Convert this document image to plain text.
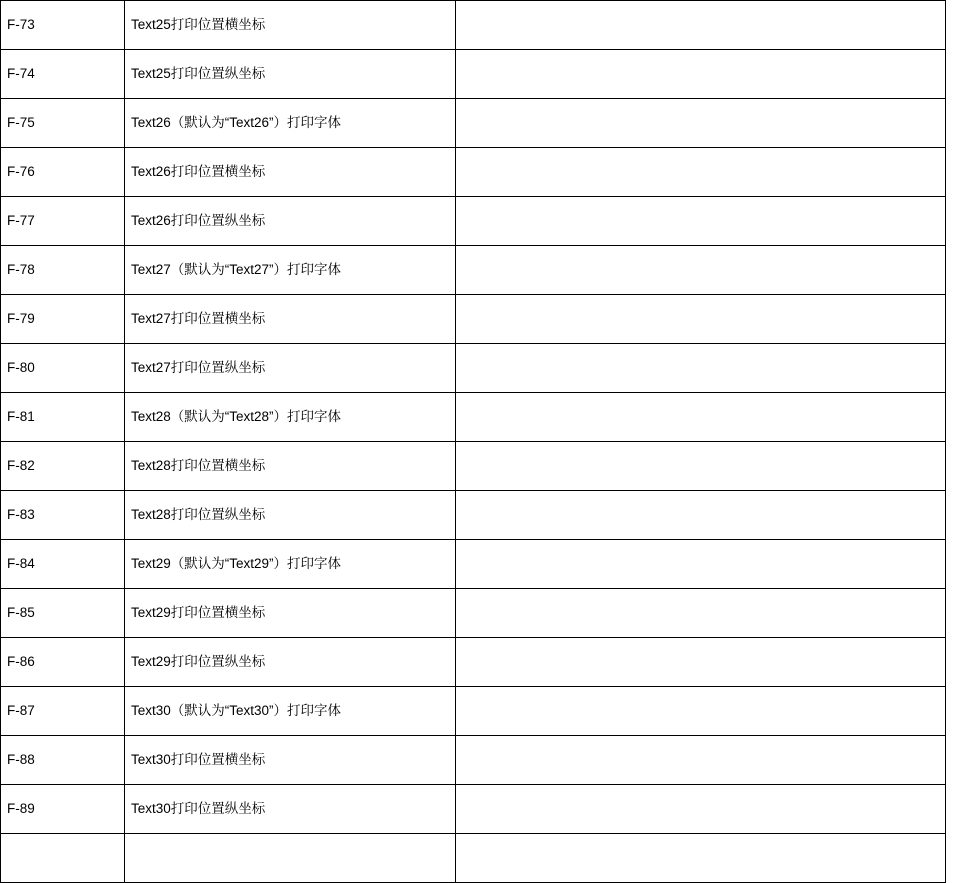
F-73	Text25打印位置横坐标	
F-74	Text25打印位置纵坐标	
F-75	Text26（默认为“Text26”）打印字体	
F-76	Text26打印位置横坐标	
F-77	Text26打印位置纵坐标	
F-78	Text27（默认为“Text27”）打印字体	
F-79	Text27打印位置横坐标	
F-80	Text27打印位置纵坐标	
F-81	Text28（默认为“Text28”）打印字体	
F-82	Text28打印位置横坐标	
F-83	Text28打印位置纵坐标	
F-84	Text29（默认为“Text29”）打印字体	
F-85	Text29打印位置横坐标	
F-86	Text29打印位置纵坐标	
F-87	Text30（默认为“Text30”）打印字体	
F-88	Text30打印位置横坐标	
F-89	Text30打印位置纵坐标	
